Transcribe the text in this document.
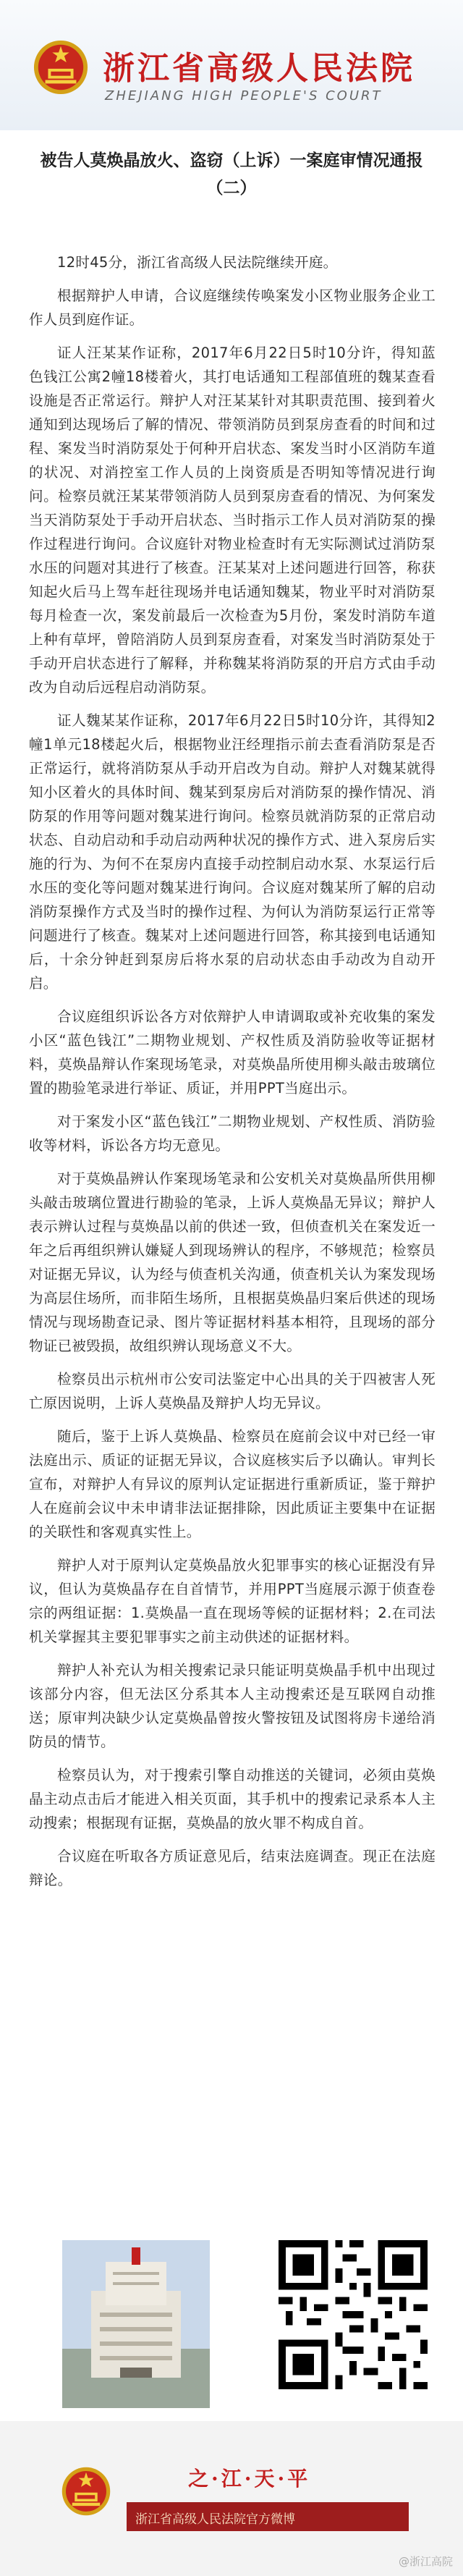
浙江省高级人民法院
ZHEJIANG HIGH PEOPLE'S COURT
被告人莫焕晶放火、盗窃（上诉）一案庭审情况通报（二）

12时45分，浙江省高级人民法院继续开庭。

根据辩护人申请，合议庭继续传唤案发小区物业服务企业工作人员到庭作证。

证人汪某某作证称，2017年6月22日5时10分许，得知蓝色钱江公寓2幢18楼着火，其打电话通知工程部值班的魏某查看设施是否正常运行。辩护人对汪某某针对其职责范围、接到着火通知到达现场后了解的情况、带领消防员到泵房查看的时间和过程、案发当时消防泵处于何种开启状态、案发当时小区消防车道的状况、对消控室工作人员的上岗资质是否明知等情况进行询问。检察员就汪某某带领消防人员到泵房查看的情况、为何案发当天消防泵处于手动开启状态、当时指示工作人员对消防泵的操作过程进行询问。合议庭针对物业检查时有无实际测试过消防泵水压的问题对其进行了核查。汪某某对上述问题进行回答，称获知起火后马上驾车赶往现场并电话通知魏某，物业平时对消防泵每月检查一次，案发前最后一次检查为5月份，案发时消防车道上种有草坪，曾陪消防人员到泵房查看，对案发当时消防泵处于手动开启状态进行了解释，并称魏某将消防泵的开启方式由手动改为自动后远程启动消防泵。

证人魏某某作证称，2017年6月22日5时10分许，其得知2幢1单元18楼起火后，根据物业汪经理指示前去查看消防泵是否正常运行，就将消防泵从手动开启改为自动。辩护人对魏某就得知小区着火的具体时间、魏某到泵房后对消防泵的操作情况、消防泵的作用等问题对魏某进行询问。检察员就消防泵的正常启动状态、自动启动和手动启动两种状况的操作方式、进入泵房后实施的行为、为何不在泵房内直接手动控制启动水泵、水泵运行后水压的变化等问题对魏某进行询问。合议庭对魏某所了解的启动消防泵操作方式及当时的操作过程、为何认为消防泵运行正常等问题进行了核查。魏某对上述问题进行回答，称其接到电话通知后，十余分钟赶到泵房后将水泵的启动状态由手动改为自动开启。

合议庭组织诉讼各方对依辩护人申请调取或补充收集的案发小区“蓝色钱江”二期物业规划、产权性质及消防验收等证据材料，莫焕晶辩认作案现场笔录，对莫焕晶所使用柳头敲击玻璃位置的勘验笔录进行举证、质证，并用PPT当庭出示。

对于案发小区“蓝色钱江”二期物业规划、产权性质、消防验收等材料，诉讼各方均无意见。

对于莫焕晶辨认作案现场笔录和公安机关对莫焕晶所供用柳头敲击玻璃位置进行勘验的笔录，上诉人莫焕晶无异议；辩护人表示辨认过程与莫焕晶以前的供述一致，但侦查机关在案发近一年之后再组织辨认嫌疑人到现场辨认的程序，不够规范；检察员对证据无异议，认为经与侦查机关沟通，侦查机关认为案发现场为高层住场所，而非陌生场所，且根据莫焕晶归案后供述的现场情况与现场勘查记录、图片等证据材料基本相符，且现场的部分物证已被毁损，故组织辨认现场意义不大。

检察员出示杭州市公安司法鉴定中心出具的关于四被害人死亡原因说明，上诉人莫焕晶及辩护人均无异议。

随后，鉴于上诉人莫焕晶、检察员在庭前会议中对已经一审法庭出示、质证的证据无异议，合议庭核实后予以确认。审判长宣布，对辩护人有异议的原判认定证据进行重新质证，鉴于辩护人在庭前会议中未申请非法证据排除，因此质证主要集中在证据的关联性和客观真实性上。

辩护人对于原判认定莫焕晶放火犯罪事实的核心证据没有异议，但认为莫焕晶存在自首情节，并用PPT当庭展示源于侦查卷宗的两组证据：1.莫焕晶一直在现场等候的证据材料；2.在司法机关掌握其主要犯罪事实之前主动供述的证据材料。

辩护人补充认为相关搜索记录只能证明莫焕晶手机中出现过该部分内容，但无法区分系其本人主动搜索还是互联网自动推送；原审判决缺少认定莫焕晶曾按火警按钮及试图将房卡递给消防员的情节。

检察员认为，对于搜索引擎自动推送的关键词，必须由莫焕晶主动点击后才能进入相关页面，其手机中的搜索记录系本人主动搜索；根据现有证据，莫焕晶的放火罪不构成自首。

合议庭在听取各方质证意见后，结束法庭调查。现正在法庭辩论。

之·江·天·平
浙江省高级人民法院官方微博
@浙江高院
